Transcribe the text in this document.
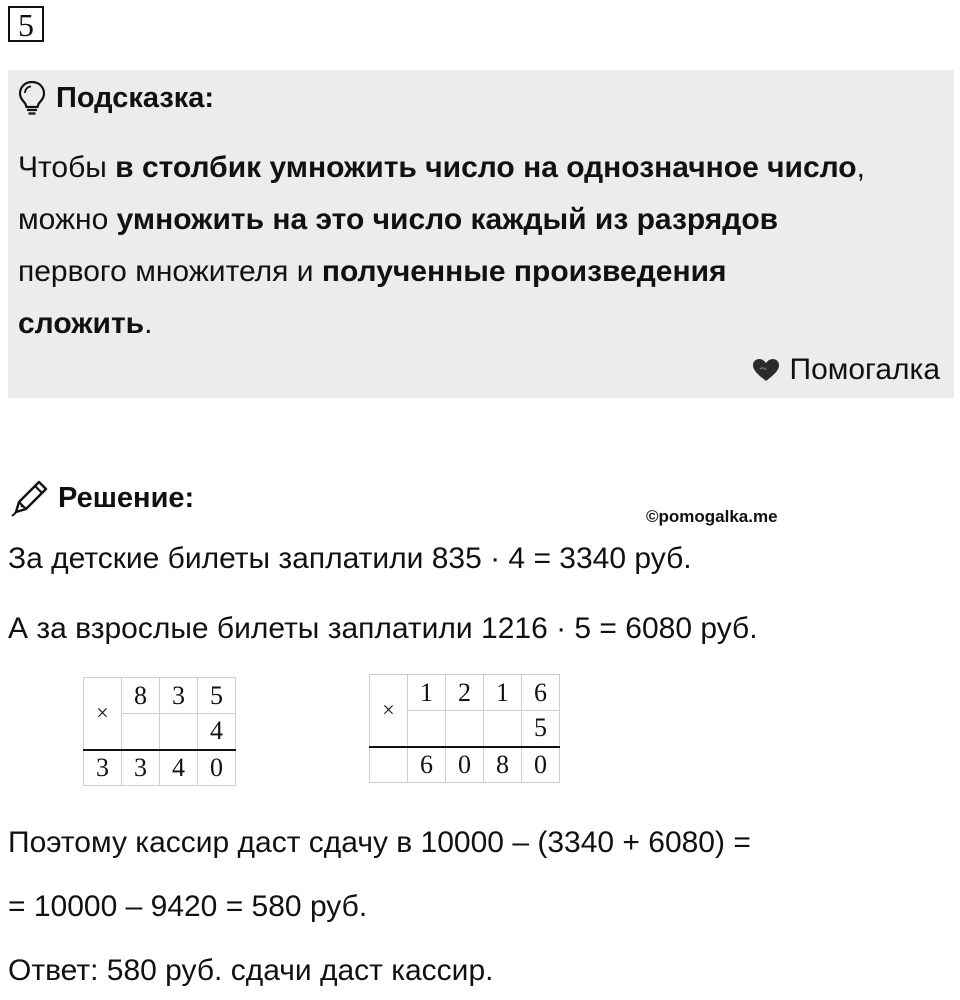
5
Подсказка:
Чтобы в столбик умножить число на однозначное число,
можно умножить на это число каждый из разрядов
первого множителя и полученные произведения
сложить.
Помогалка
Решение:
©pomogalka.me
За детские билеты заплатили 835 · 4 = 3340 руб.
А за взрослые билеты заплатили 1216 · 5 = 6080 руб.
×	8	3	5
			4
3	3	4	0
×	1	2	1	6
				5
	6	0	8	0
Поэтому кассир даст сдачу в 10000 – (3340 + 6080) =
= 10000 – 9420 = 580 руб.
Ответ: 580 руб. сдачи даст кассир.
